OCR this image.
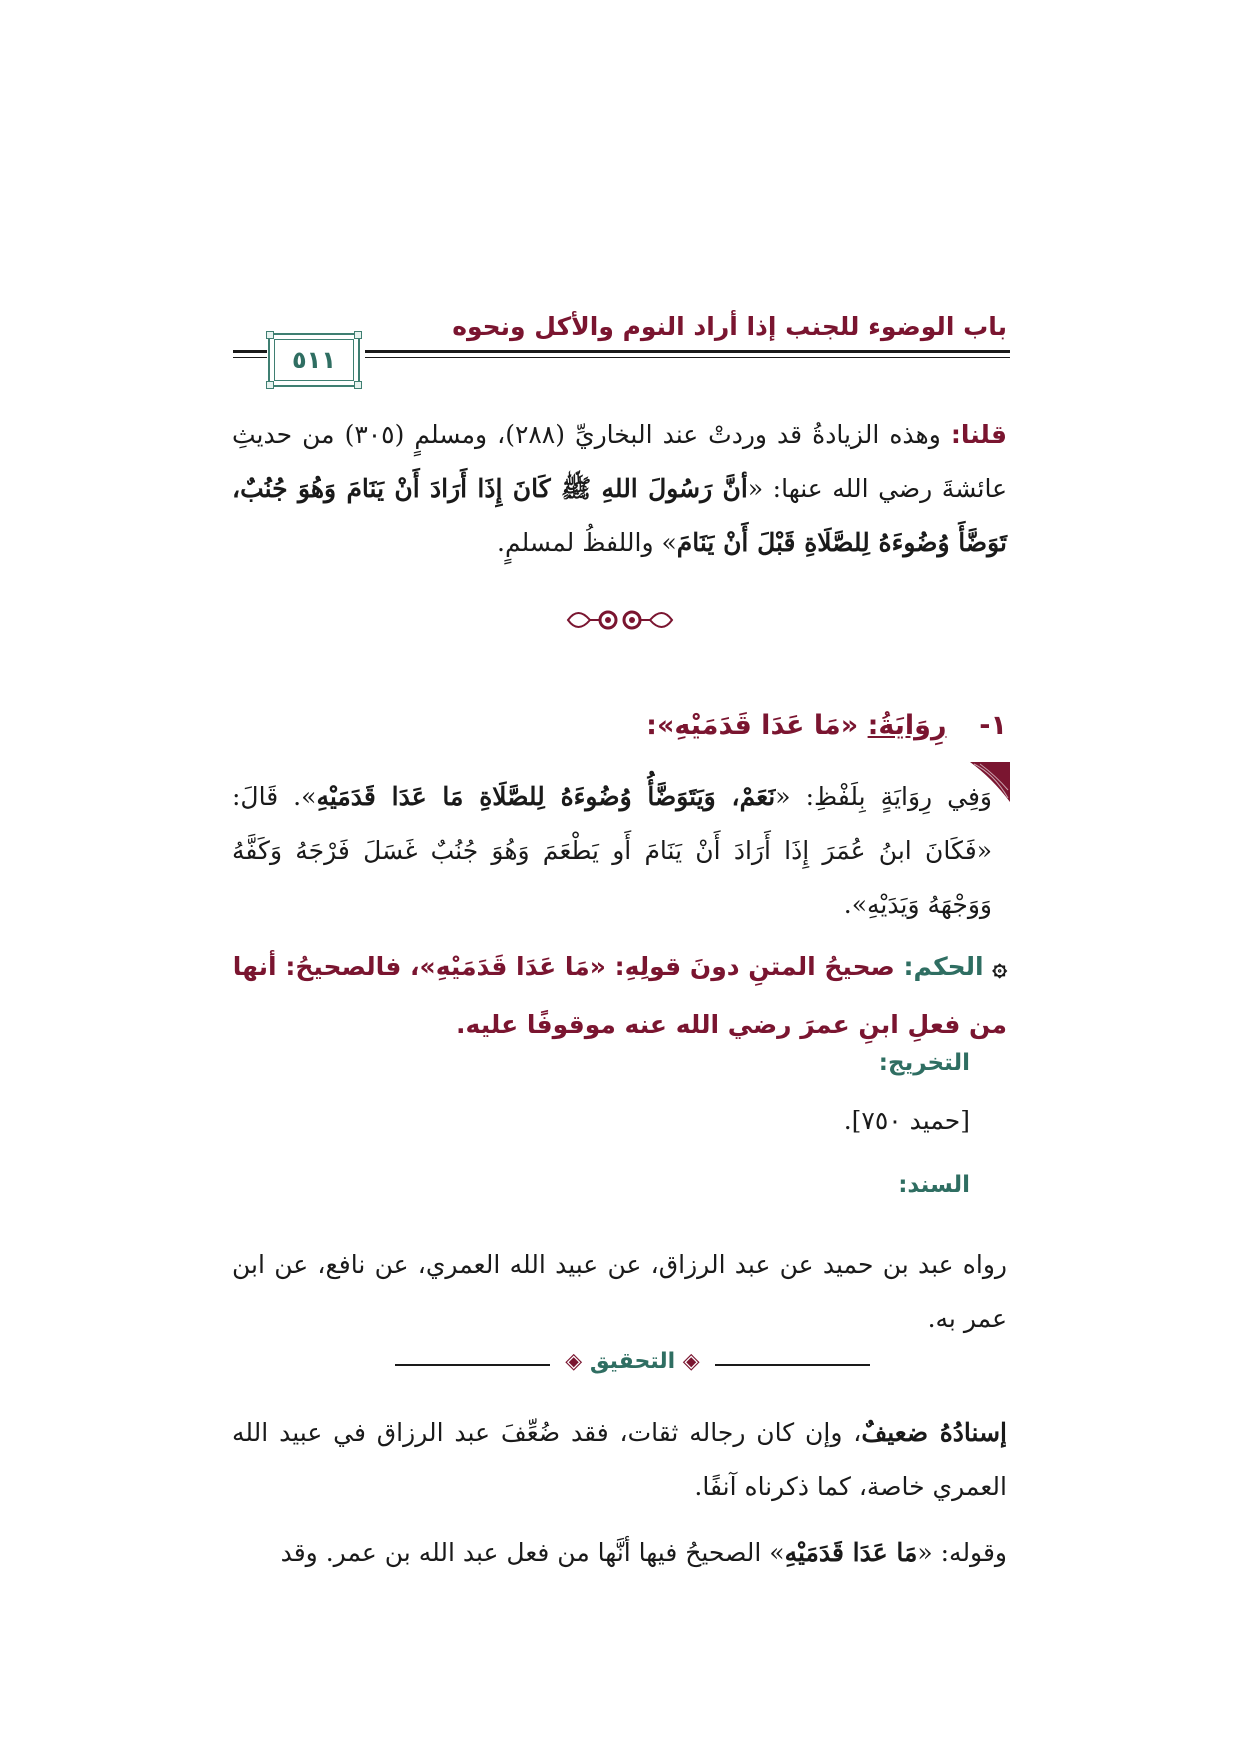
باب الوضوء للجنب إذا أراد النوم والأكل ونحوه
٥١١
قلنا: وهذه الزيادةُ قد وردتْ عند البخاريِّ (٢٨٨)، ومسلمٍ (٣٠٥) من حديثِ عائشةَ رضي الله عنها: «أنَّ رَسُولَ اللهِ ﷺ كَانَ إِذَا أَرَادَ أَنْ يَنَامَ وَهُوَ جُنُبٌ، تَوَضَّأَ وُضُوءَهُ لِلصَّلَاةِ قَبْلَ أَنْ يَنَامَ» واللفظُ لمسلمٍ.
١-  رِوَايَةُ: «مَا عَدَا قَدَمَيْهِ»:
وَفِي رِوَايَةٍ بِلَفْظِ: «نَعَمْ، وَيَتَوَضَّأُ وُضُوءَهُ لِلصَّلَاةِ مَا عَدَا قَدَمَيْهِ». قَالَ: «فَكَانَ ابنُ عُمَرَ إِذَا أَرَادَ أَنْ يَنَامَ أَو يَطْعَمَ وَهُوَ جُنُبٌ غَسَلَ فَرْجَهُ وَكَفَّهُ وَوَجْهَهُ وَيَدَيْهِ».
۞ الحكم: صحيحُ المتنِ دونَ قولِهِ: «مَا عَدَا قَدَمَيْهِ»، فالصحيحُ: أنها من فعلِ ابنِ عمرَ رضي الله عنه موقوفًا عليه.
التخريج:
[حميد ٧٥٠].
السند:
رواه عبد بن حميد عن عبد الرزاق، عن عبيد الله العمري، عن نافع، عن ابن عمر به.
◈ التحقيق ◈
إسنادُهُ ضعيفٌ، وإن كان رجاله ثقات، فقد ضُعِّفَ عبد الرزاق في عبيد الله العمري خاصة، كما ذكرناه آنفًا.
وقوله: «مَا عَدَا قَدَمَيْهِ» الصحيحُ فيها أنَّها من فعل عبد الله بن عمر. وقد
